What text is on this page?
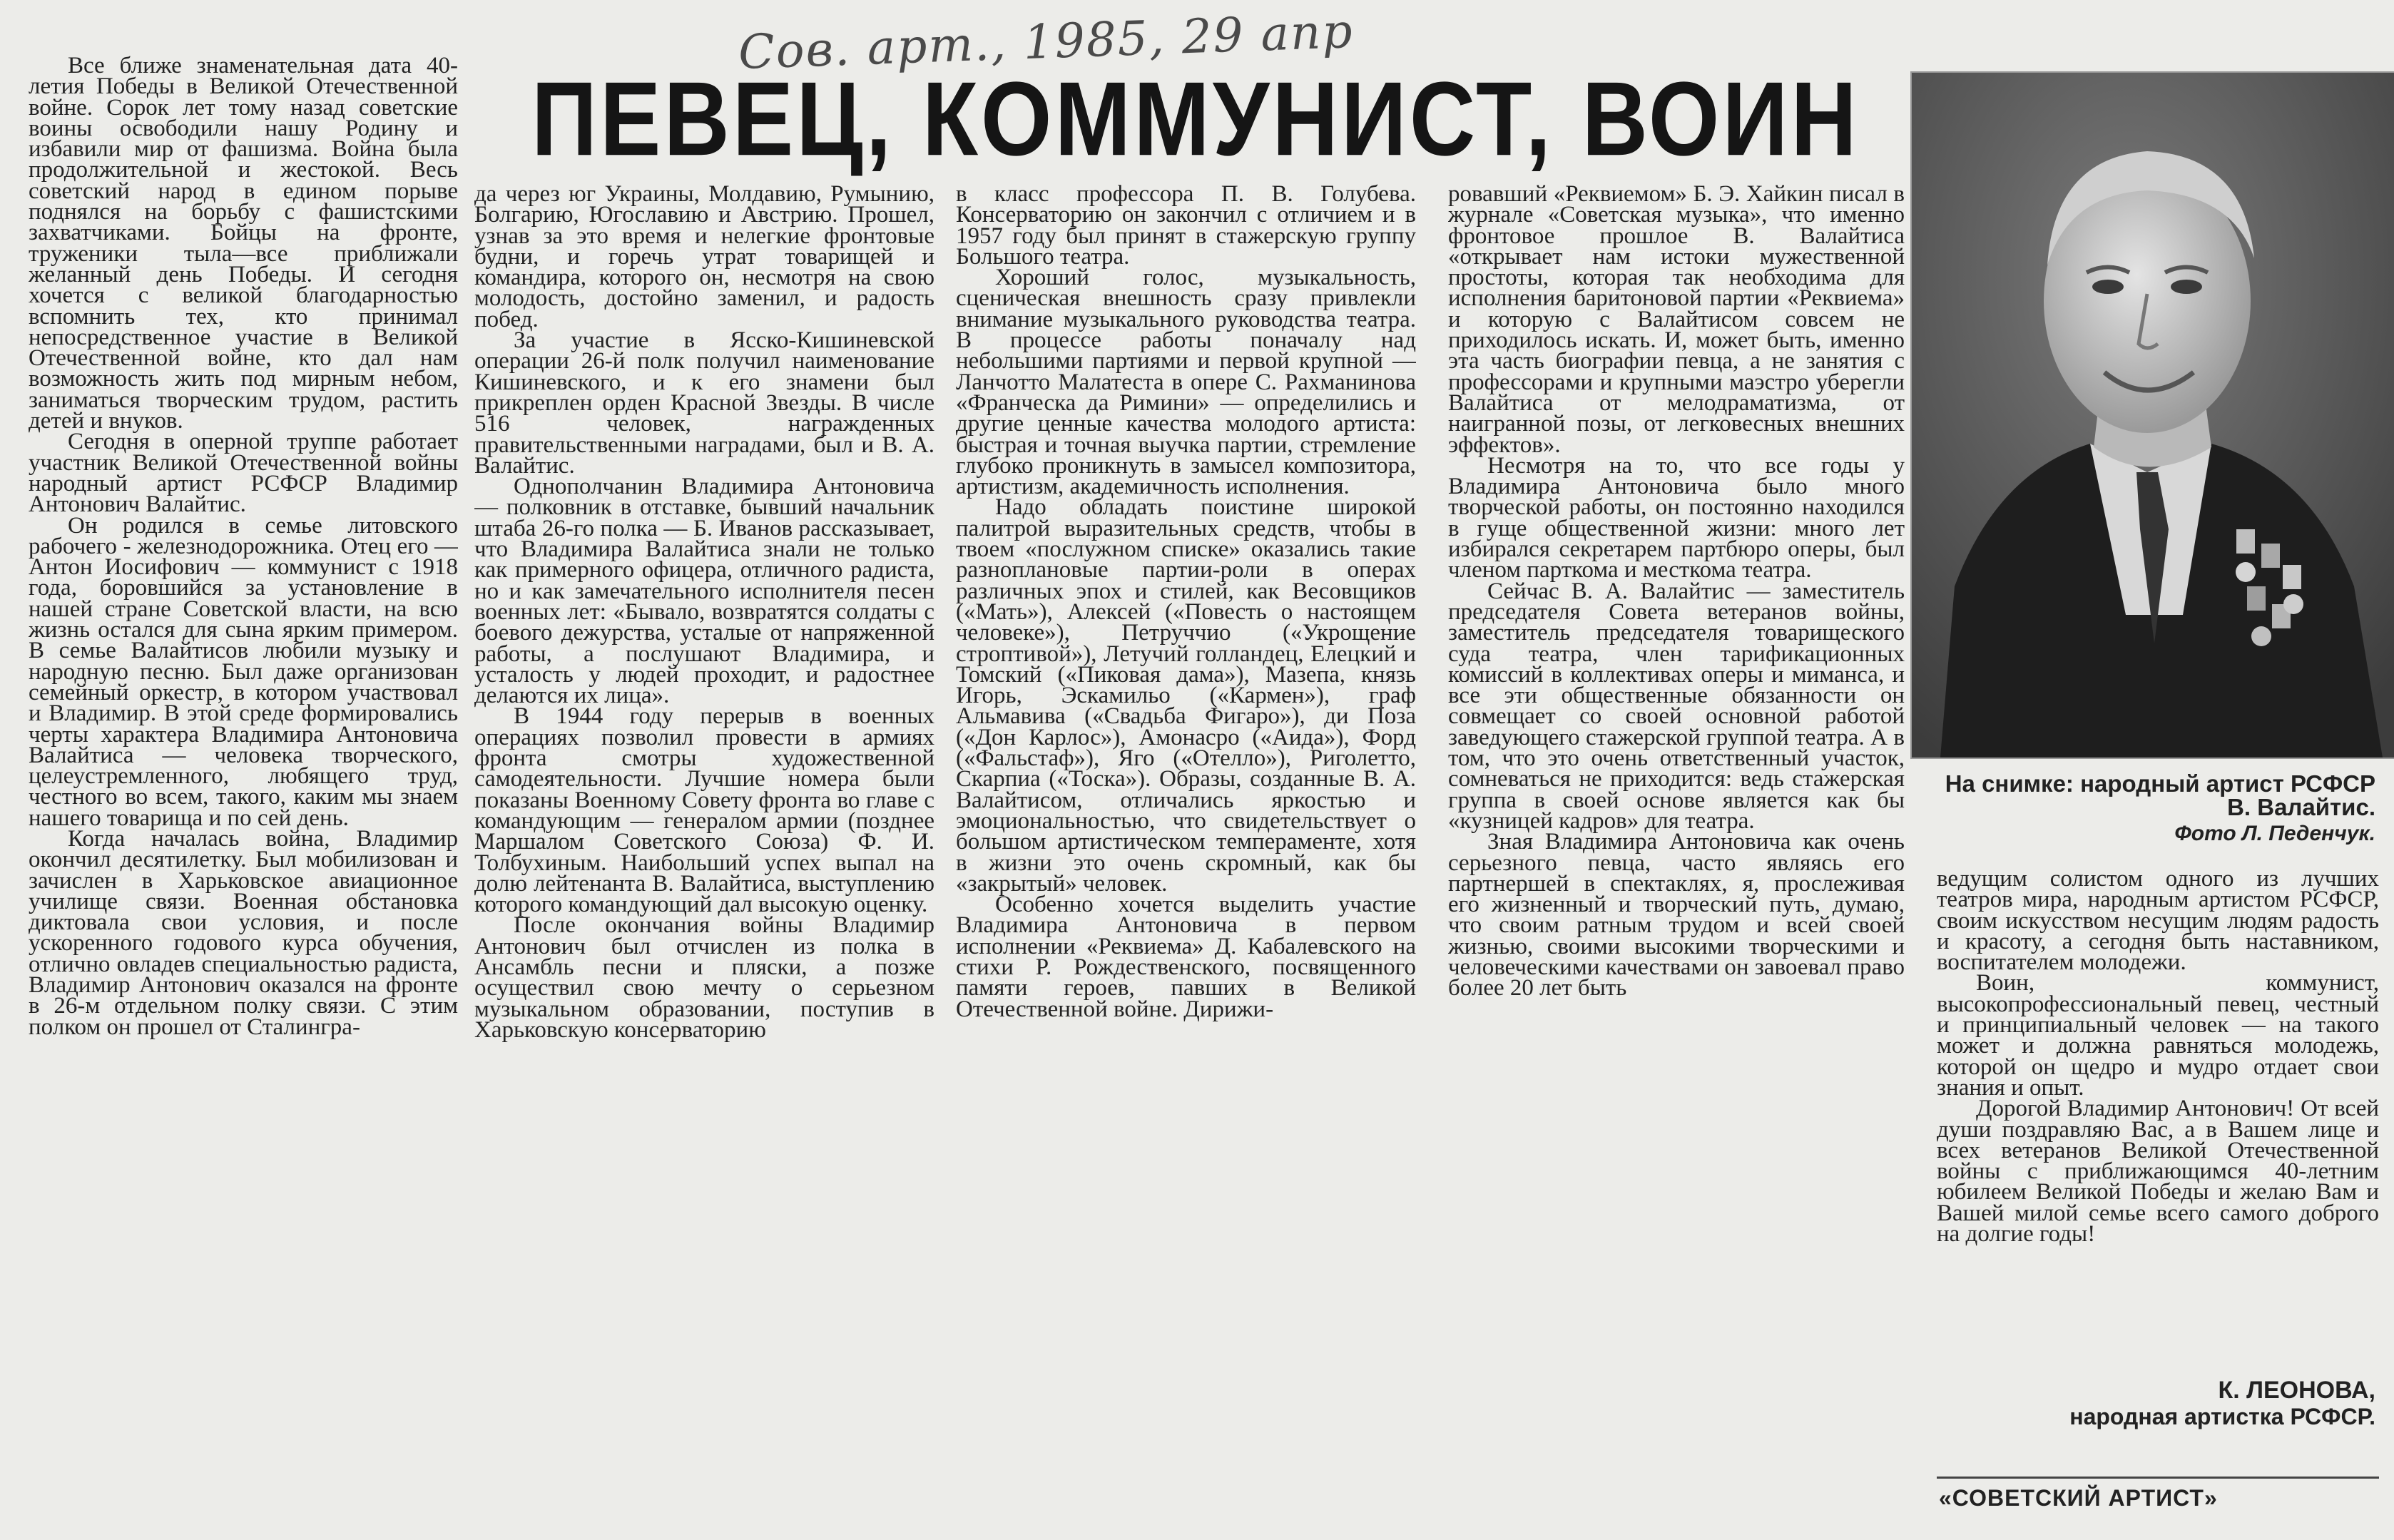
Сов. арт., 1985, 29 апр
ПЕВЕЦ, КОММУНИСТ, ВОИН

Все ближе знаменательная дата 40-летия Победы в Великой Отечественной войне. Сорок лет тому назад советские воины освободили нашу Родину и избавили мир от фашизма. Война была продолжительной и жестокой. Весь советский народ в едином порыве поднялся на борьбу с фашистскими захватчиками. Бойцы на фронте, труженики тыла—все приближали желанный день Победы. И сегодня хочется с великой благодарностью вспомнить тех, кто принимал непосредственное участие в Великой Отечественной войне, кто дал нам возможность жить под мирным небом, заниматься творческим трудом, растить детей и внуков.

Сегодня в оперной труппе работает участник Великой Отечественной войны народный артист РСФСР Владимир Антонович Валайтис.

Он родился в семье литовского рабочего - железнодорожника. Отец его — Антон Иосифович — коммунист с 1918 года, боровшийся за установление в нашей стране Советской власти, на всю жизнь остался для сына ярким примером. В семье Валайтисов любили музыку и народную песню. Был даже организован семейный оркестр, в котором участвовал и Владимир. В этой среде формировались черты характера Владимира Антоновича Валайтиса — человека творческого, целеустремленного, любящего труд, честного во всем, такого, каким мы знаем нашего товарища и по сей день.

Когда началась война, Владимир окончил десятилетку. Был мобилизован и зачислен в Харьковское авиационное училище связи. Военная обстановка диктовала свои условия, и после ускоренного годового курса обучения, отлично овладев специальностью радиста, Владимир Антонович оказался на фронте в 26-м отдельном полку связи. С этим полком он прошел от Сталингра-

да через юг Украины, Молдавию, Румынию, Болгарию, Югославию и Австрию. Прошел, узнав за это время и нелегкие фронтовые будни, и горечь утрат товарищей и командира, которого он, несмотря на свою молодость, достойно заменил, и радость побед.

За участие в Ясско-Кишиневской операции 26-й полк получил наименование Кишиневского, и к его знамени был прикреплен орден Красной Звезды. В числе 516 человек, награжденных правительственными наградами, был и В. А. Валайтис.

Однополчанин Владимира Антоновича — полковник в отставке, бывший начальник штаба 26-го полка — Б. Иванов рассказывает, что Владимира Валайтиса знали не только как примерного офицера, отличного радиста, но и как замечательного исполнителя песен военных лет: «Бывало, возвратятся солдаты с боевого дежурства, усталые от напряженной работы, а послушают Владимира, и усталость у людей проходит, и радостнее делаются их лица».

В 1944 году перерыв в военных операциях позволил провести в армиях фронта смотры художественной самодеятельности. Лучшие номера были показаны Военному Совету фронта во главе с командующим — генералом армии (позднее Маршалом Советского Союза) Ф. И. Толбухиным. Наибольший успех выпал на долю лейтенанта В. Валайтиса, выступлению которого командующий дал высокую оценку.

После окончания войны Владимир Антонович был отчислен из полка в Ансамбль песни и пляски, а позже осуществил свою мечту о серьезном музыкальном образовании, поступив в Харьковскую консерваторию

в класс профессора П. В. Голубева. Консерваторию он закончил с отличием и в 1957 году был принят в стажерскую группу Большого театра.

Хороший голос, музыкальность, сценическая внешность сразу привлекли внимание музыкального руководства театра. В процессе работы поначалу над небольшими партиями и первой крупной — Ланчотто Малатеста в опере С. Рахманинова «Франческа да Римини» — определились и другие ценные качества молодого артиста: быстрая и точная выучка партии, стремление глубоко проникнуть в замысел композитора, артистизм, академичность исполнения.

Надо обладать поистине широкой палитрой выразительных средств, чтобы в твоем «послужном списке» оказались такие разноплановые партии-роли в операх различных эпох и стилей, как Весовщиков («Мать»), Алексей («Повесть о настоящем человеке»), Петруччио («Укрощение строптивой»), Летучий голландец, Елецкий и Томский («Пиковая дама»), Мазепа, князь Игорь, Эскамильо («Кармен»), граф Альмавива («Свадьба Фигаро»), ди Поза («Дон Карлос»), Амонасро («Аида»), Форд («Фальстаф»), Яго («Отелло»), Риголетто, Скарпиа («Тоска»). Образы, созданные В. А. Валайтисом, отличались яркостью и эмоциональностью, что свидетельствует о большом артистическом темпераменте, хотя в жизни это очень скромный, как бы «закрытый» человек.

Особенно хочется выделить участие Владимира Антоновича в первом исполнении «Реквиема» Д. Кабалевского на стихи Р. Рождественского, посвященного памяти героев, павших в Великой Отечественной войне. Дирижи-

ровавший «Реквиемом» Б. Э. Хайкин писал в журнале «Советская музыка», что именно фронтовое прошлое В. Валайтиса «открывает нам истоки мужественной простоты, которая так необходима для исполнения баритоновой партии «Реквиема» и которую с Валайтисом совсем не приходилось искать. И, может быть, именно эта часть биографии певца, а не занятия с профессорами и крупными маэстро уберегли Валайтиса от мелодраматизма, от наигранной позы, от легковесных внешних эффектов».

Несмотря на то, что все годы у Владимира Антоновича было много творческой работы, он постоянно находился в гуще общественной жизни: много лет избирался секретарем партбюро оперы, был членом парткома и месткома театра.

Сейчас В. А. Валайтис — заместитель председателя Совета ветеранов войны, заместитель председателя товарищеского суда театра, член тарификационных комиссий в коллективах оперы и миманса, и все эти общественные обязанности он совмещает со своей основной работой заведующего стажерской группой театра. А в том, что это очень ответственный участок, сомневаться не приходится: ведь стажерская группа в своей основе является как бы «кузницей кадров» для театра.

Зная Владимира Антоновича как очень серьезного певца, часто являясь его партнершей в спектаклях, я, прослеживая его жизненный и творческий путь, думаю, что своим ратным трудом и всей своей жизнью, своими высокими творческими и человеческими качествами он завоевал право более 20 лет быть

На снимке: народный артист РСФСР В. Валайтис.
Фото Л. Педенчук.

ведущим солистом одного из лучших театров мира, народным артистом РСФСР, своим искусством несущим людям радость и красоту, а сегодня быть наставником, воспитателем молодежи.

Воин, коммунист, высокопрофессиональный певец, честный и принципиальный человек — на такого может и должна равняться молодежь, которой он щедро и мудро отдает свои знания и опыт.

Дорогой Владимир Антонович! От всей души поздравляю Вас, а в Вашем лице и всех ветеранов Великой Отечественной войны с приближающимся 40-летним юбилеем Великой Победы и желаю Вам и Вашей милой семье всего самого доброго на долгие годы!

К. ЛЕОНОВА,
народная артистка РСФСР.
«СОВЕТСКИЙ АРТИСТ»
